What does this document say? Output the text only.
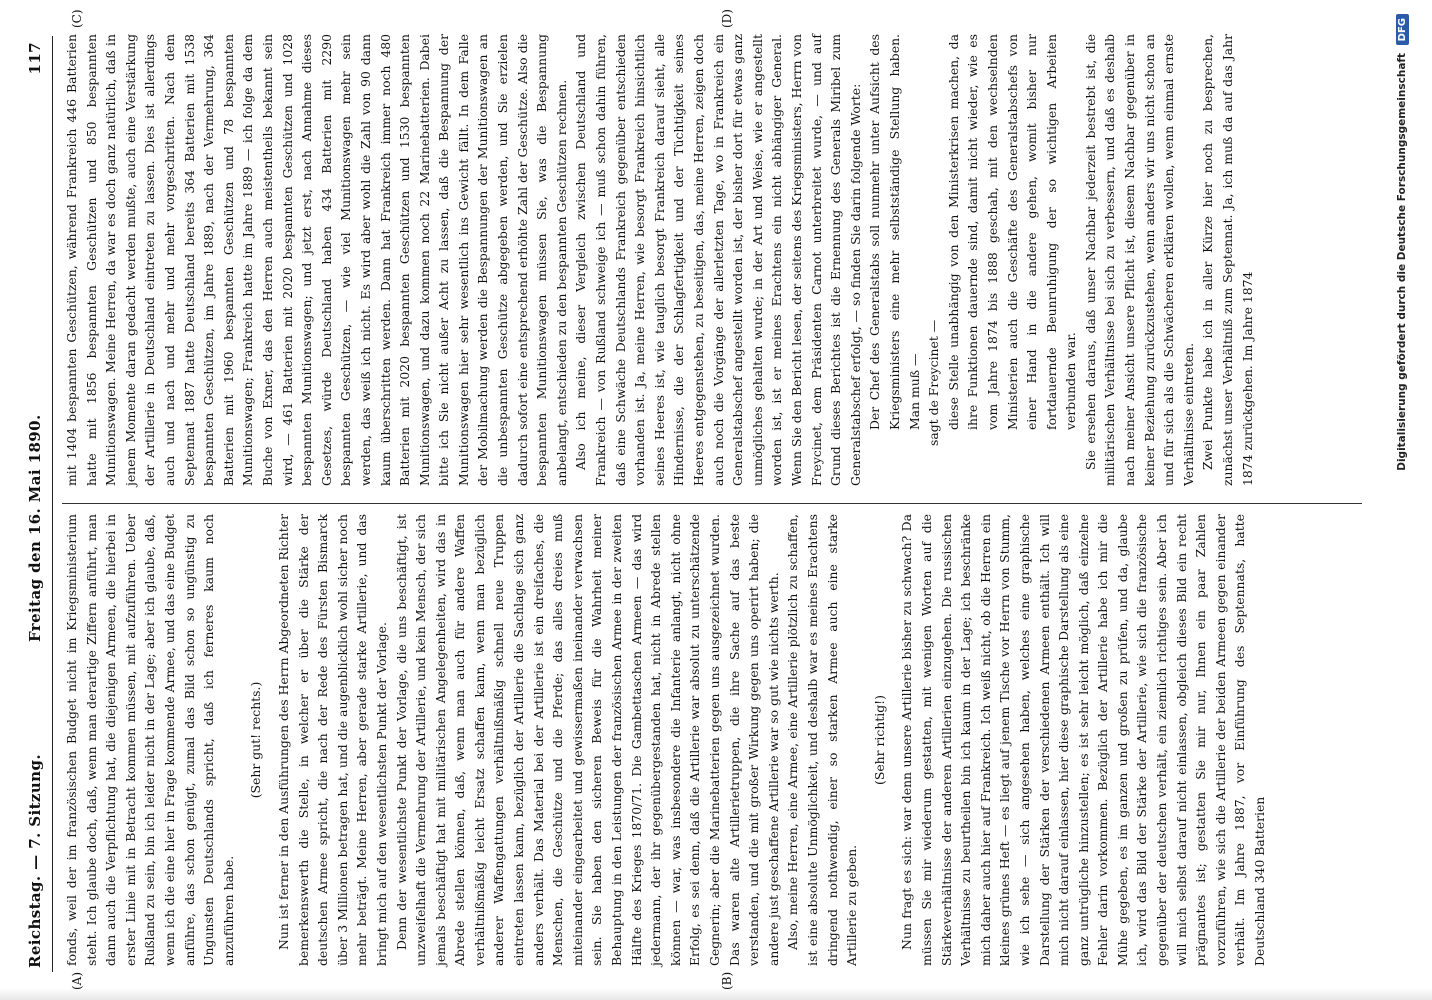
Reichstag. — 7. Sitzung.
Freitag den 16. Mai 1890.
117
(A)	(B)
(C)	(D)

fonds, weil der im französischen Budget nicht im Kriegsministerium steht. Ich glaube doch, daß, wenn man derartige Ziffern anführt, man dann auch die Verpflichtung hat, die diejenigen Armeen, die hierbei in erster Linie mit in Betracht kommen müssen, mit aufzuführen. Ueber Rußland zu sein, bin ich leider nicht in der Lage; aber ich glaube, daß, wenn ich die eine hier in Frage kommende Armee, und das eine Budget anführe, das schon genügt, zumal das Bild schon so ungünstig zu Ungunsten Deutschlands spricht, daß ich ferneres kaum noch anzuführen habe.

(Sehr gut! rechts.) Nun ist ferner in den Ausführungen des Herrn Abgeordneten Richter bemerkenswerth die Stelle, in welcher er über die Stärke der deutschen Armee spricht, die nach der Rede des Fürsten Bismarck über 3 Millionen betragen hat, und die augenblicklich wohl sicher noch mehr beträgt. Meine Herren, aber gerade starke Artillerie, und das bringt mich auf den wesentlichsten Punkt der Vorlage. Denn der wesentlichste Punkt der Vorlage, die uns beschäftigt, ist unzweifelhaft die Vermehrung der Artillerie, und kein Mensch, der sich jemals beschäftigt hat mit militärischen Angelegenheiten, wird das in Abrede stellen können, daß, wenn man auch für andere Waffen verhältnißmäßig leicht Ersatz schaffen kann, wenn man bezüglich anderer Waffengattungen verhältnißmäßig schnell neue Truppen eintreten lassen kann, bezüglich der Artillerie die Sachlage sich ganz anders verhält. Das Material bei der Artillerie ist ein dreifaches, die Menschen, die Geschütze und die Pferde; das alles dreies muß miteinander eingearbeitet und gewissermaßen ineinander verwachsen sein. Sie haben den sicheren Beweis für die Wahrheit meiner Behauptung in den Leistungen der französischen Armee in der zweiten Hälfte des Krieges 1870/71. Die Gambettaschen Armeen — das wird jedermann, der ihr gegenübergestanden hat, nicht in Abrede stellen können — war, was insbesondere die Infanterie anlangt, nicht ohne Erfolg, es sei denn, daß die Artillerie war absolut zu unterschätzende Gegnerin; aber die Marinebatterien gegen uns ausgezeichnet wurden. Das waren alte Artillerietruppen, die ihre Sache auf das beste verstanden, und die mit großer Wirkung gegen uns operirt haben; die andere just geschaffene Artillerie war so gut wie nichts werth. Also, meine Herren, eine Armee, eine Artillerie plötzlich zu schaffen, ist eine absolute Unmöglichkeit, und deshalb war es meines Erachtens dringend nothwendig, einer so starken Armee auch eine starke Artillerie zu geben.

(Sehr richtig!) Nun fragt es sich: war denn unsere Artillerie bisher zu schwach? Da müssen Sie mir wiederum gestatten, mit wenigen Worten auf die Stärkeverhältnisse der anderen Artillerien einzugehen. Die russischen Verhältnisse zu beurtheilen bin ich kaum in der Lage; ich beschränke mich daher auch hier auf Frankreich. Ich weiß nicht, ob die Herren ein kleines grünes Heft — es liegt auf jenem Tische vor Herrn von Stumm, wie ich sehe — sich angesehen haben, welches eine graphische Darstellung der Stärken der verschiedenen Armeen enthält. Ich will mich nicht darauf einlassen, hier diese graphische Darstellung als eine ganz untrügliche hinzustellen; es ist sehr leicht möglich, daß einzelne Fehler darin vorkommen. Bezüglich der Artillerie habe ich mir die Mühe gegeben, es im ganzen und großen zu prüfen, und da, glaube ich, wird das Bild der Stärke der Artillerie, wie sich die französische gegenüber der deutschen verhält, ein ziemlich richtiges sein. Aber ich will mich selbst darauf nicht einlassen, obgleich dieses Bild ein recht prägnantes ist; gestatten Sie mir nur, Ihnen ein paar Zahlen vorzuführen, wie sich die Artillerie der beiden Armeen gegen einander verhält. Im Jahre 1887, vor Einführung des Septennats, hatte Deutschland 340 Batterien

mit 1404 bespannten Geschützen, während Frankreich 446 Batterien hatte mit 1856 bespannten Geschützen und 850 bespannten Munitionswagen. Meine Herren, da war es doch ganz natürlich, daß in jenem Momente daran gedacht werden mußte, auch eine Verstärkung der Artillerie in Deutschland eintreten zu lassen. Dies ist allerdings auch und nach und mehr und mehr vorgeschritten. Nach dem Septennat 1887 hatte Deutschland bereits 364 Batterien mit 1538 bespannten Geschützen, im Jahre 1889, nach der Vermehrung, 364 Batterien mit 1960 bespannten Geschützen und 78 bespannten Munitionswagen; Frankreich hatte im Jahre 1889 — ich folge da dem Buche von Exner, das den Herren auch meistentheils bekannt sein wird, — 461 Batterien mit 2020 bespannten Geschützen und 1028 bespannten Munitionswagen; und jetzt erst, nach Annahme dieses Gesetzes, würde Deutschland haben 434 Batterien mit 2290 bespannten Geschützen, — wie viel Munitionswagen mehr sein werden, das weiß ich nicht. Es wird aber wohl die Zahl von 90 dann kaum überschritten werden. Dann hat Frankreich immer noch 480 Batterien mit 2020 bespannten Geschützen und 1530 bespannten Munitionswagen, und dazu kommen noch 22 Marinebatterien. Dabei bitte ich Sie nicht außer Acht zu lassen, daß die Bespannung der Munitionswagen hier sehr wesentlich ins Gewicht fällt. In dem Falle der Mobilmachung werden die Bespannungen der Munitionswagen an die unbespannten Geschütze abgegeben werden, und Sie erzielen dadurch sofort eine entsprechend erhöhte Zahl der Geschütze. Also die bespannten Munitionswagen müssen Sie, was die Bespannung anbelangt, entschieden zu den bespannten Geschützen rechnen. Also ich meine, dieser Vergleich zwischen Deutschland und Frankreich — von Rußland schweige ich — muß schon dahin führen, daß eine Schwäche Deutschlands Frankreich gegenüber entschieden vorhanden ist. Ja, meine Herren, wie besorgt Frankreich hinsichtlich seines Heeres ist, wie tauglich besorgt Frankreich darauf sieht, alle Hindernisse, die der Schlagfertigkeit und der Tüchtigkeit seines Heeres entgegenstehen, zu beseitigen, das, meine Herren, zeigen doch auch noch die Vorgänge der allerletzten Tage, wo in Frankreich ein Generalstabschef angestellt worden ist, der bisher dort für etwas ganz unmögliches gehalten wurde; in der Art und Weise, wie er angestellt worden ist, ist er meines Erachtens ein nicht abhängiger General. Wenn Sie den Bericht lesen, der seitens des Kriegsministers, Herrn von Freycinet, dem Präsidenten Carnot unterbreitet wurde, — und auf Grund dieses Berichtes ist die Ernennung des Generals Miribel zum Generalstabschef erfolgt, — so finden Sie darin folgende Worte: Der Chef des Generalstabs soll nunmehr unter Aufsicht des Kriegsministers eine mehr selbstständige Stellung haben. Man muß — sagt de Freycinet — diese Stelle unabhängig von den Ministerkrisen machen, da ihre Funktionen dauernde sind, damit nicht wieder, wie es vom Jahre 1874 bis 1888 geschah, mit den wechselnden Ministerien auch die Geschäfte des Generalstabschefs von einer Hand in die andere gehen, womit bisher nur fortdauernde Beunruhigung der so wichtigen Arbeiten verbunden war. Sie ersehen daraus, daß unser Nachbar jederzeit bestrebt ist, die militärischen Verhältnisse bei sich zu verbessern, und daß es deshalb nach meiner Ansicht unsere Pflicht ist, diesem Nachbar gegenüber in keiner Beziehung zurückzustehen, wenn anders wir uns nicht schon an und für sich als die Schwächeren erklären wollen, wenn einmal ernste Verhältnisse eintreten. Zwei Punkte habe ich in aller Kürze hier noch zu besprechen, zunächst unser Verhältniß zum Septennat. Ja, ich muß da auf das Jahr 1874 zurückgehen. Im Jahre 1874	Digitalisierung gefördert durch die Deutsche Forschungsgemeinschaft DFG
